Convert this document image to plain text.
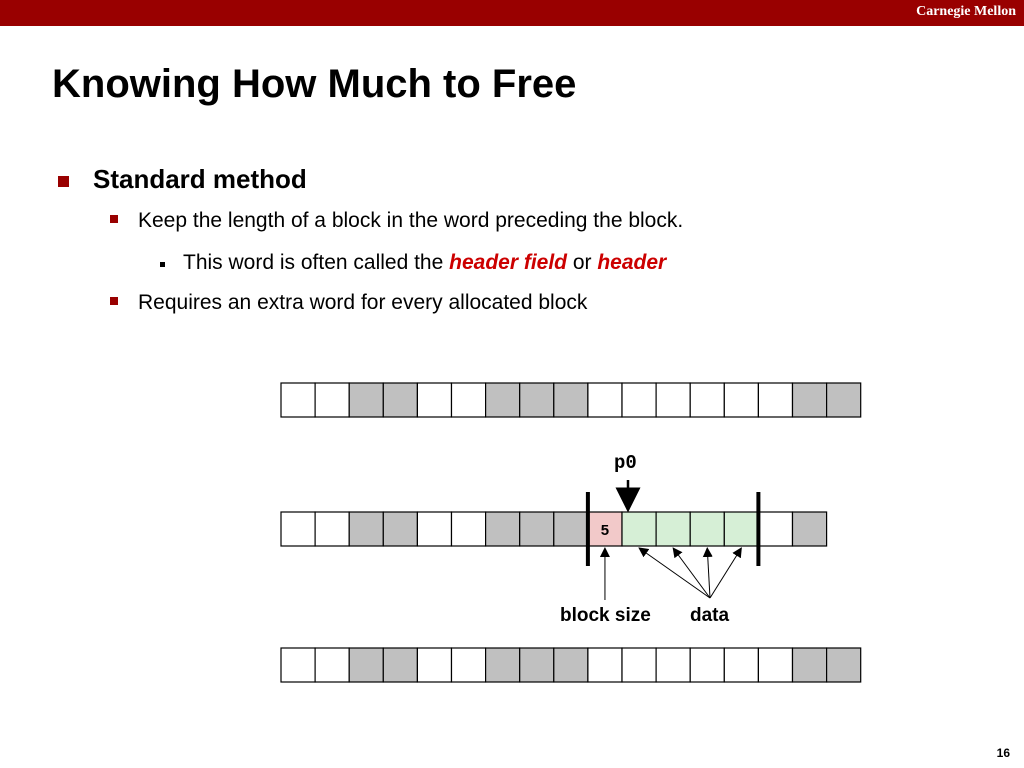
Carnegie Mellon
Knowing How Much to Free
Standard method
Keep the length of a block in the word preceding the block.
This word is often called the header field or header
Requires an extra word for every allocated block
p0
block size data
5
16
